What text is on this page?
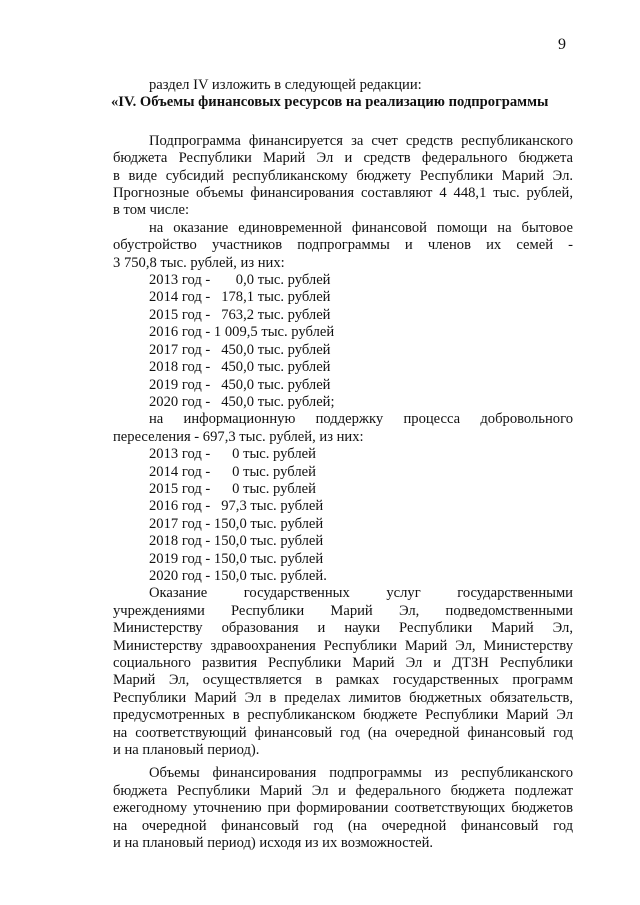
9
раздел IV изложить в следующей редакции:
«IV. Объемы финансовых ресурсов на реализацию подпрограммы
Подпрограмма финансируется за счет средств республиканского
бюджета Республики Марий Эл и средств федерального бюджета
в виде субсидий республиканскому бюджету Республики Марий Эл.
Прогнозные объемы финансирования составляют 4 448,1 тыс. рублей,
в том числе:
на оказание единовременной финансовой помощи на бытовое
обустройство участников подпрограммы и членов их семей -
3 750,8 тыс. рублей, из них:
2013 год -       0,0 тыс. рублей
2014 год -   178,1 тыс. рублей
2015 год -   763,2 тыс. рублей
2016 год - 1 009,5 тыс. рублей
2017 год -   450,0 тыс. рублей
2018 год -   450,0 тыс. рублей
2019 год -   450,0 тыс. рублей
2020 год -   450,0 тыс. рублей;
на информационную поддержку процесса добровольного
переселения - 697,3 тыс. рублей, из них:
2013 год -      0 тыс. рублей
2014 год -      0 тыс. рублей
2015 год -      0 тыс. рублей
2016 год -   97,3 тыс. рублей
2017 год - 150,0 тыс. рублей
2018 год - 150,0 тыс. рублей
2019 год - 150,0 тыс. рублей
2020 год - 150,0 тыс. рублей.
Оказание государственных услуг государственными
учреждениями Республики Марий Эл, подведомственными
Министерству образования и науки Республики Марий Эл,
Министерству здравоохранения Республики Марий Эл, Министерству
социального развития Республики Марий Эл и ДТЗН Республики
Марий Эл, осуществляется в рамках государственных программ
Республики Марий Эл в пределах лимитов бюджетных обязательств,
предусмотренных в республиканском бюджете Республики Марий Эл
на соответствующий финансовый год (на очередной финансовый год
и на плановый период).
Объемы финансирования подпрограммы из республиканского
бюджета Республики Марий Эл и федерального бюджета подлежат
ежегодному уточнению при формировании соответствующих бюджетов
на очередной финансовый год (на очередной финансовый год
и на плановый период) исходя из их возможностей.
